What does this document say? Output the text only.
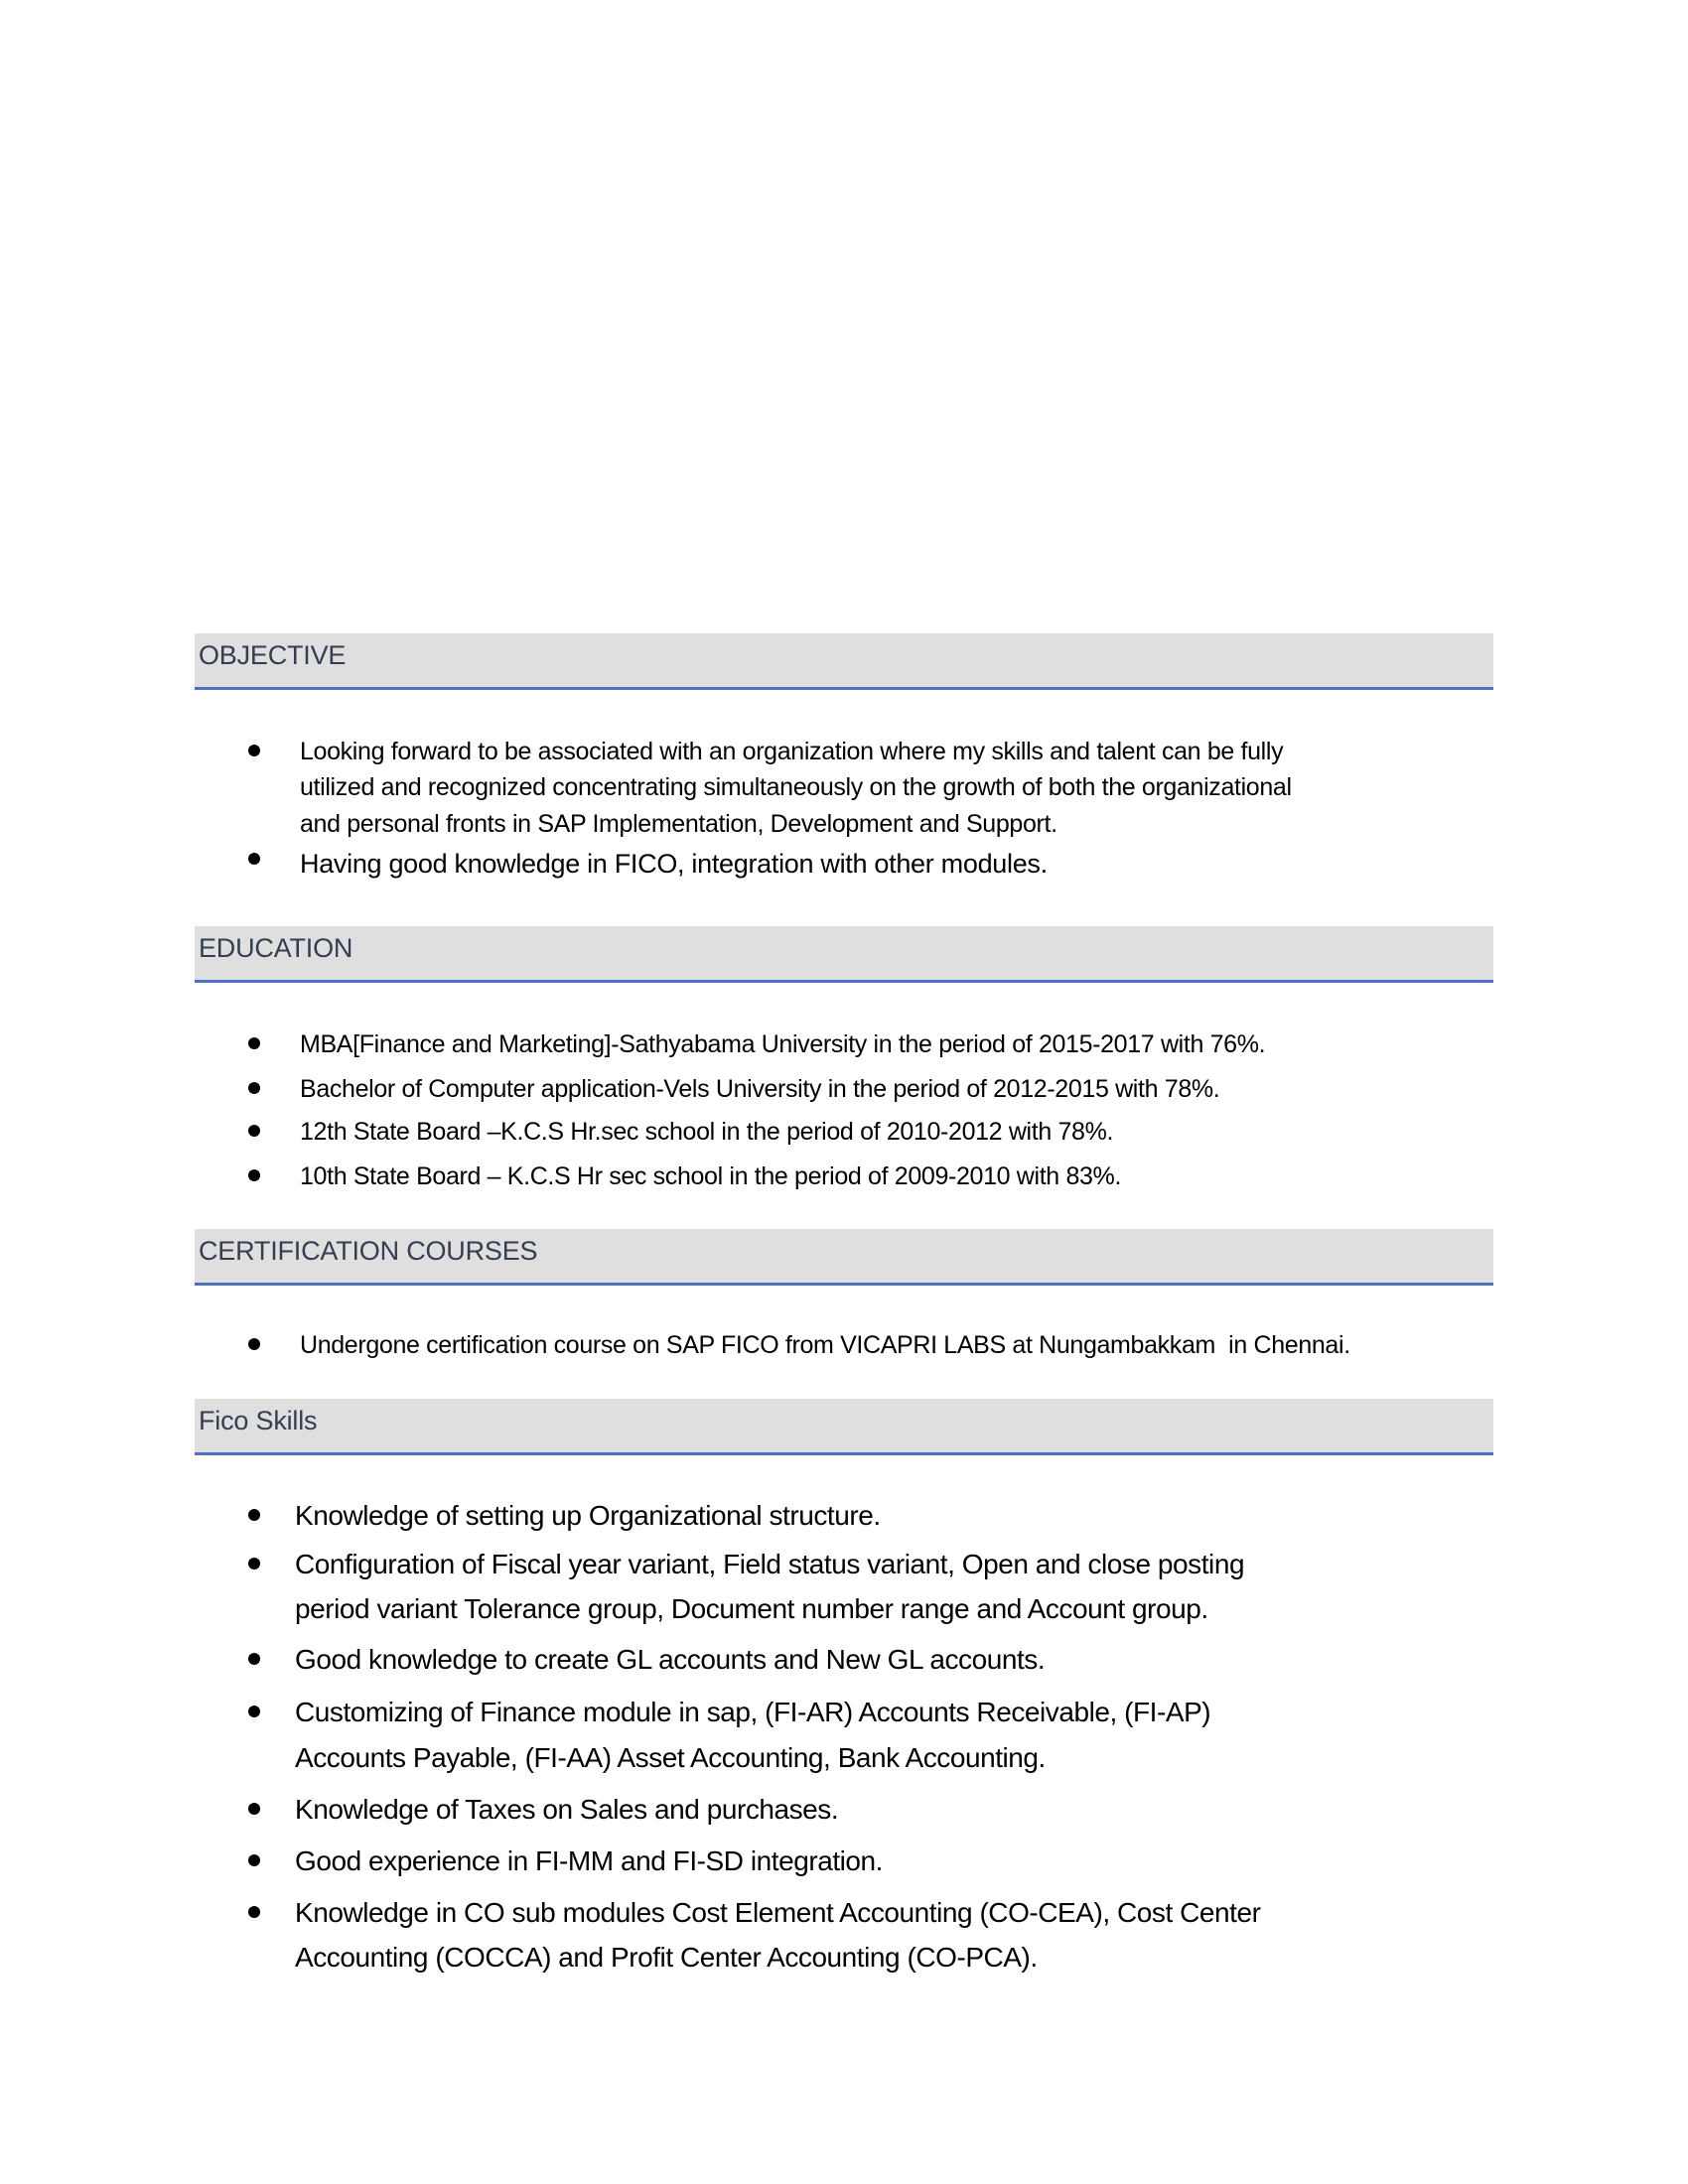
OBJECTIVE
Looking forward to be associated with an organization where my skills and talent can be fully
utilized and recognized concentrating simultaneously on the growth of both the organizational
and personal fronts in SAP Implementation, Development and Support.
Having good knowledge in FICO, integration with other modules.
EDUCATION
MBA[Finance and Marketing]-Sathyabama University in the period of 2015-2017 with 76%.
Bachelor of Computer application-Vels University in the period of 2012-2015 with 78%.
12th State Board –K.C.S Hr.sec school in the period of 2010-2012 with 78%.
10th State Board – K.C.S Hr sec school in the period of 2009-2010 with 83%.
CERTIFICATION COURSES
Undergone certification course on SAP FICO from VICAPRI LABS at Nungambakkam  in Chennai.
Fico Skills
Knowledge of setting up Organizational structure.
Configuration of Fiscal year variant, Field status variant, Open and close posting
period variant Tolerance group, Document number range and Account group.
Good knowledge to create GL accounts and New GL accounts.
Customizing of Finance module in sap, (FI-AR) Accounts Receivable, (FI-AP)
Accounts Payable, (FI-AA) Asset Accounting, Bank Accounting.
Knowledge of Taxes on Sales and purchases.
Good experience in FI-MM and FI-SD integration.
Knowledge in CO sub modules Cost Element Accounting (CO-CEA), Cost Center
Accounting (COCCA) and Profit Center Accounting (CO-PCA).
